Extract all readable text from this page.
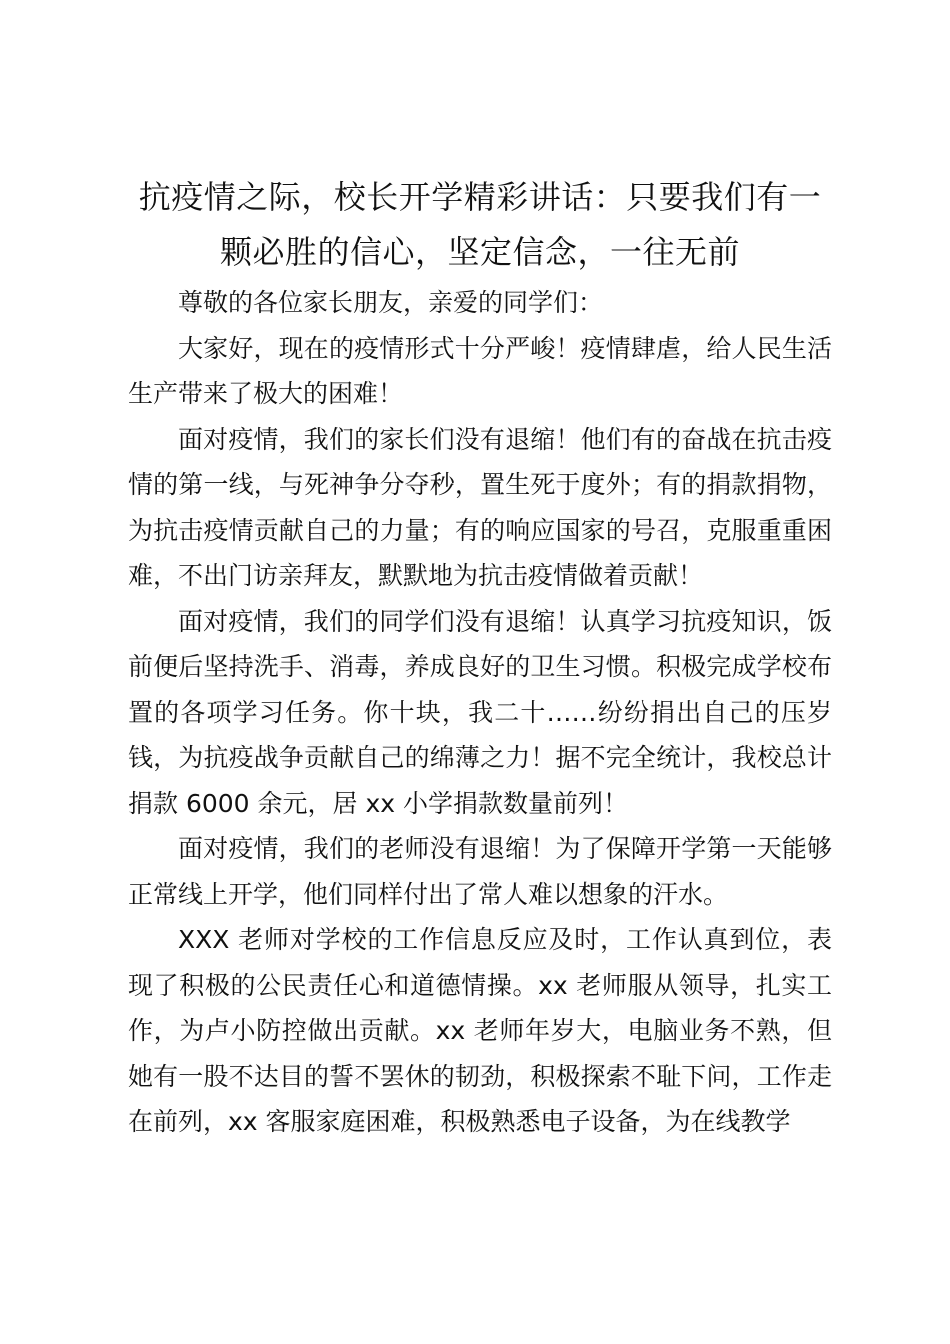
抗疫情之际，校长开学精彩讲话：只要我们有一颗必胜的信心，坚定信念，一往无前

尊敬的各位家长朋友，亲爱的同学们：

大家好，现在的疫情形式十分严峻！疫情肆虐，给人民生活生产带来了极大的困难！

面对疫情，我们的家长们没有退缩！他们有的奋战在抗击疫情的第一线，与死神争分夺秒，置生死于度外；有的捐款捐物，为抗击疫情贡献自己的力量；有的响应国家的号召，克服重重困难，不出门访亲拜友，默默地为抗击疫情做着贡献！

面对疫情，我们的同学们没有退缩！认真学习抗疫知识，饭前便后坚持洗手、消毒，养成良好的卫生习惯。积极完成学校布置的各项学习任务。你十块，我二十……纷纷捐出自己的压岁钱，为抗疫战争贡献自己的绵薄之力！据不完全统计，我校总计捐款 6000 余元，居 xx 小学捐款数量前列！

面对疫情，我们的老师没有退缩！为了保障开学第一天能够正常线上开学，他们同样付出了常人难以想象的汗水。

XXX 老师对学校的工作信息反应及时，工作认真到位，表现了积极的公民责任心和道德情操。xx 老师服从领导，扎实工作，为卢小防控做出贡献。xx 老师年岁大，电脑业务不熟，但她有一股不达目的誓不罢休的韧劲，积极探索不耻下问，工作走在前列，xx 客服家庭困难，积极熟悉电子设备，为在线教学
